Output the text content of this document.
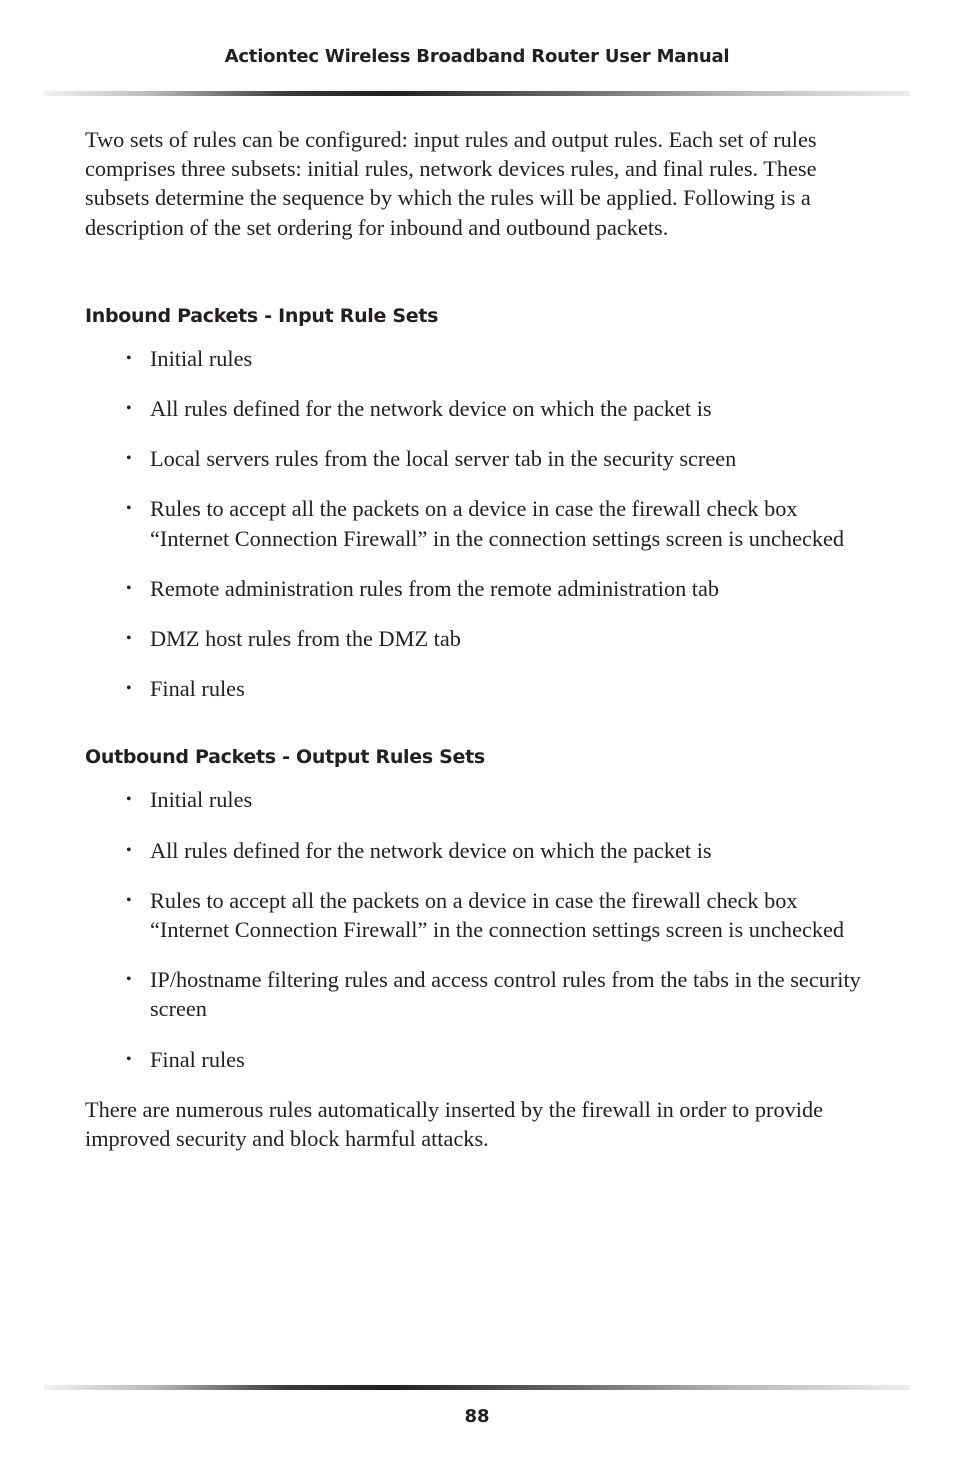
Actiontec Wireless Broadband Router User Manual

Two sets of rules can be configured: input rules and output rules. Each set of rules comprises three subsets: initial rules, network devices rules, and final rules. These subsets determine the sequence by which the rules will be applied. Following is a description of the set ordering for inbound and outbound packets.

Inbound Packets - Input Rule Sets
• Initial rules
• All rules defined for the network device on which the packet is
• Local servers rules from the local server tab in the security screen
• Rules to accept all the packets on a device in case the firewall check box “Internet Connection Firewall” in the connection settings screen is unchecked
• Remote administration rules from the remote administration tab
• DMZ host rules from the DMZ tab
• Final rules
Outbound Packets - Output Rules Sets
• Initial rules
• All rules defined for the network device on which the packet is
• Rules to accept all the packets on a device in case the firewall check box “Internet Connection Firewall” in the connection settings screen is unchecked
• IP/hostname filtering rules and access control rules from the tabs in the security screen
• Final rules

There are numerous rules automatically inserted by the firewall in order to provide improved security and block harmful attacks.

88
